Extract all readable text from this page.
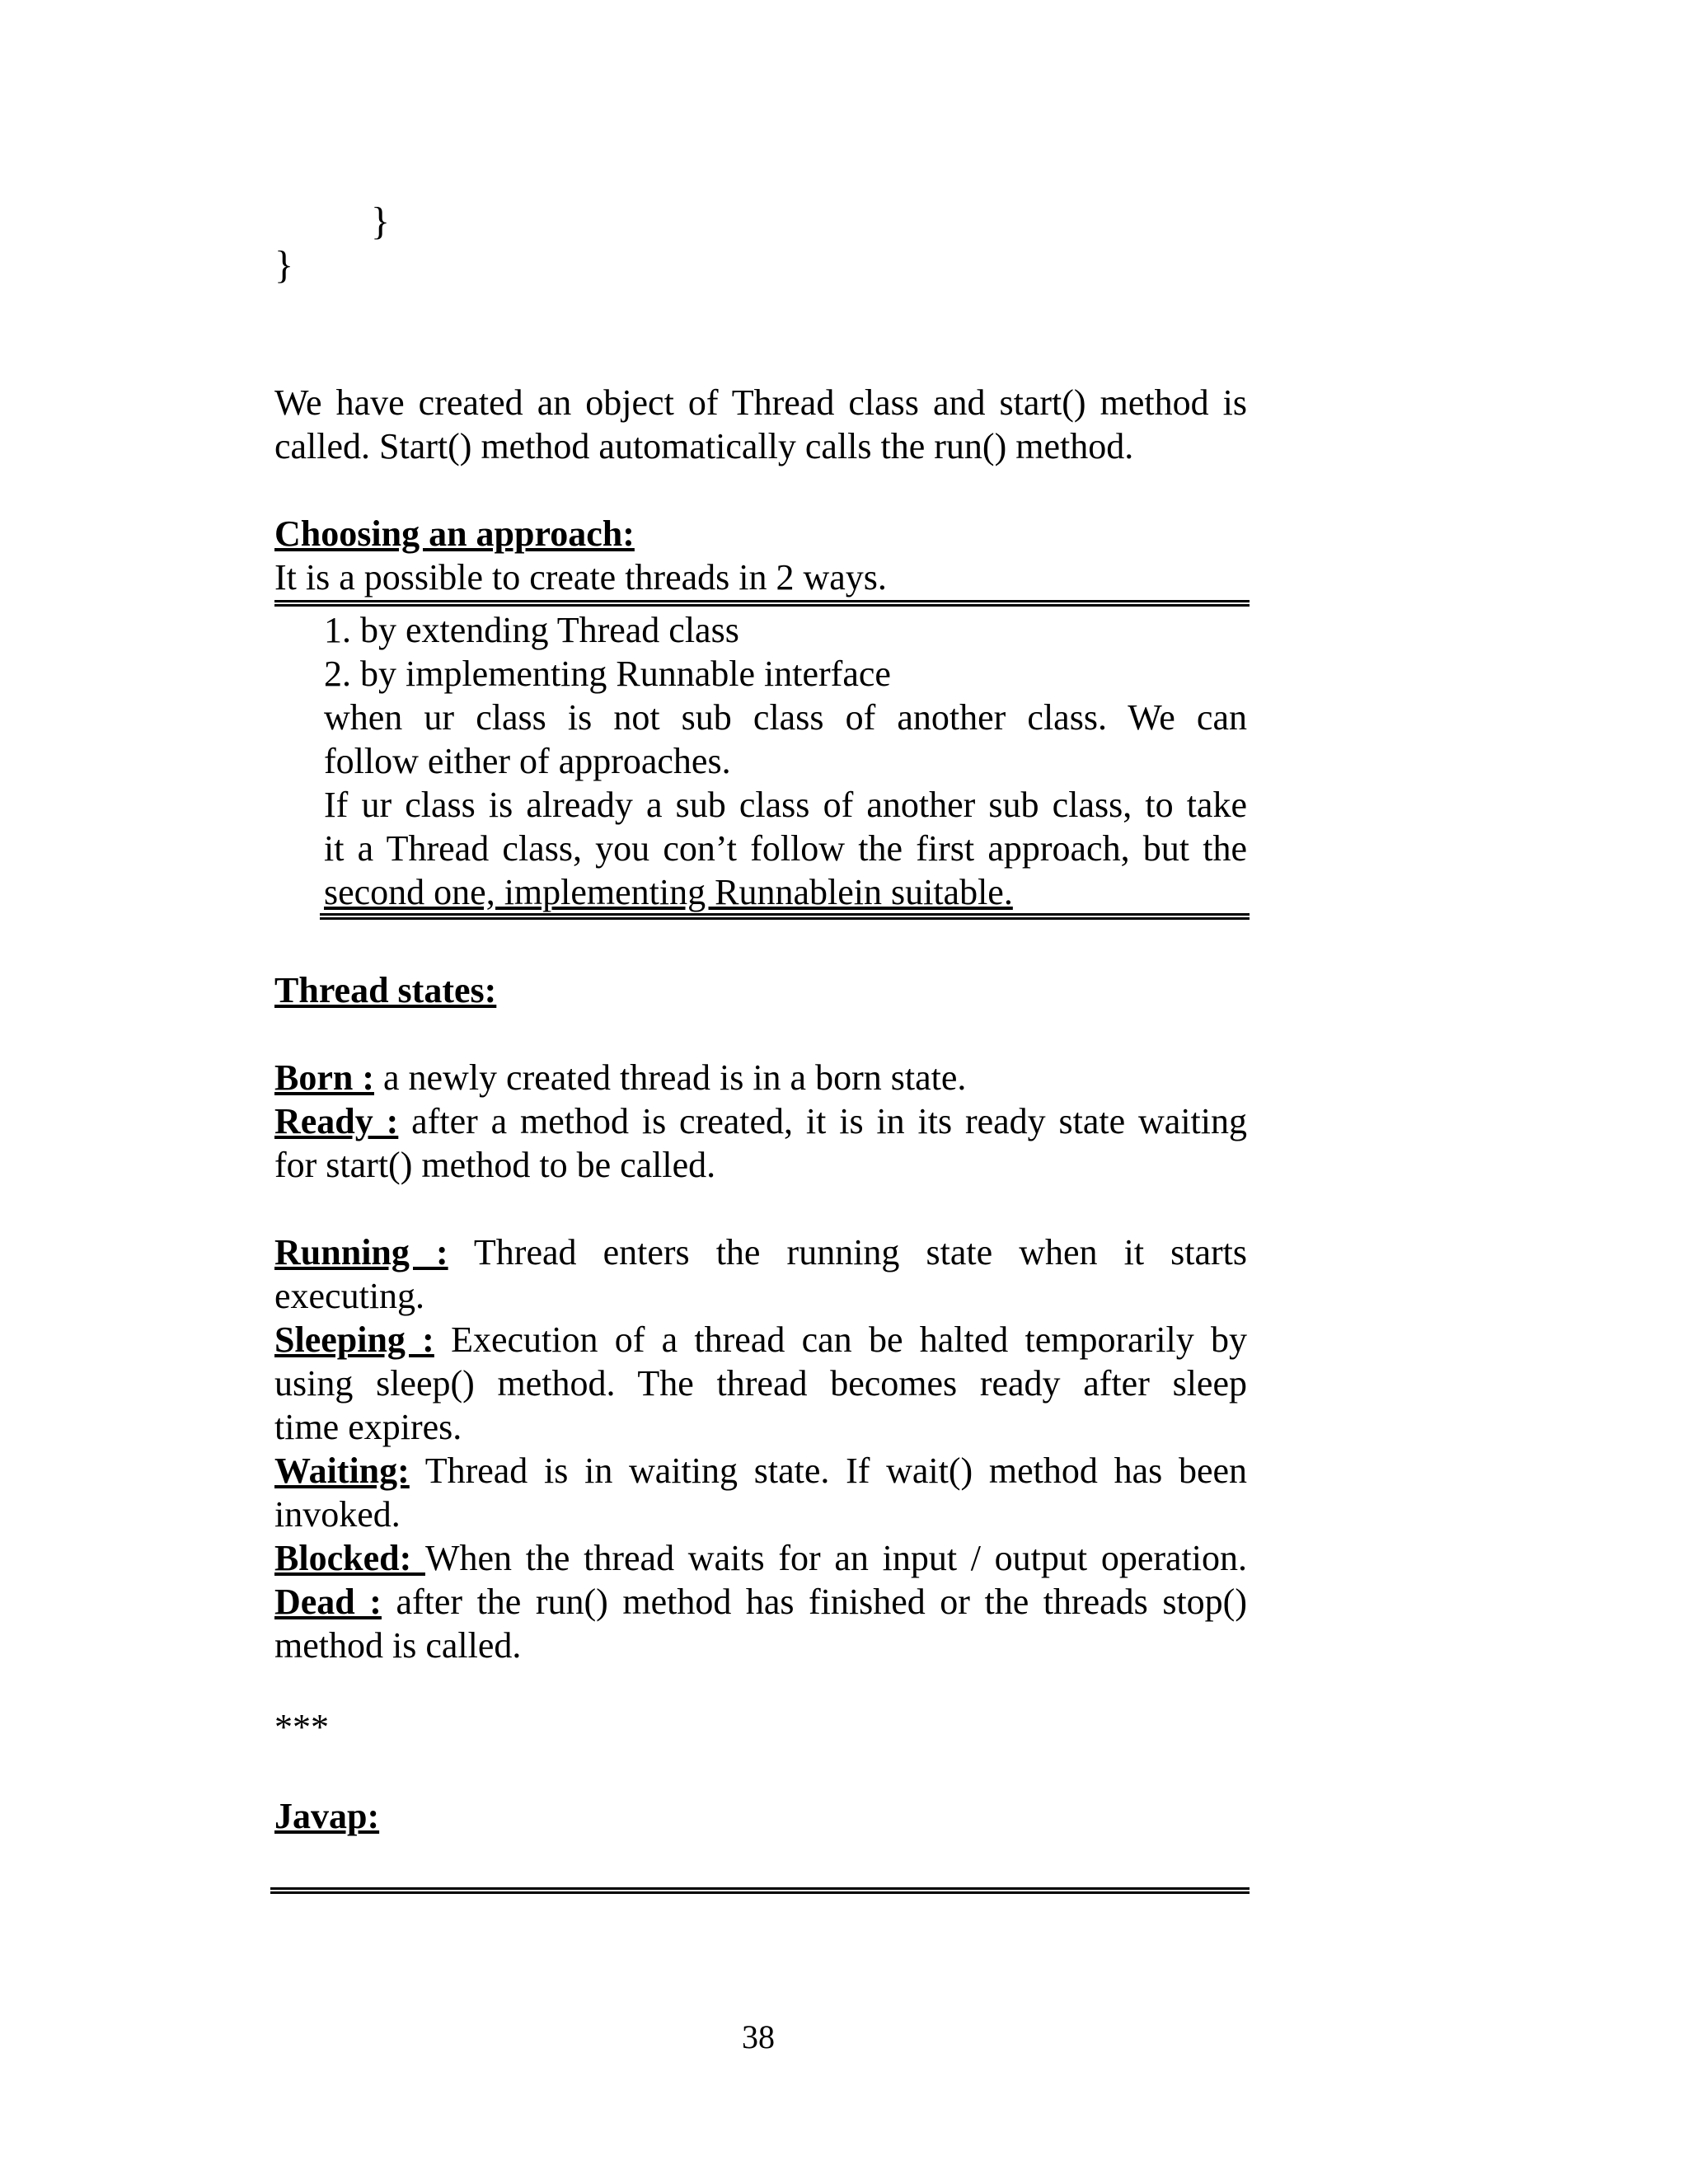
}
}

We have created an object of Thread class and start() method is

called. Start() method automatically calls the run() method.

Choosing an approach:

It is a possible to create threads in 2 ways.

1. by extending Thread class

2. by implementing Runnable interface

when ur class is not sub class of another class. We can

follow either of approaches.

If ur class is already a sub class of another sub class, to take

it a Thread class, you con’t follow the first approach, but the

second one, implementing Runnablein suitable.

Thread states:

Born : a newly created thread is in a born state.

Ready : after a method is created, it is in its ready state waiting

for start() method to be called.

Running : Thread enters the running state when it starts

executing.

Sleeping : Execution of a thread can be halted temporarily by

using sleep() method. The thread becomes ready after sleep

time expires.

Waiting: Thread is in waiting state. If wait() method has been

invoked.

Blocked: When the thread waits for an input / output operation.

Dead : after the run() method has finished or the threads stop()

method is called.

***

Javap:

38
